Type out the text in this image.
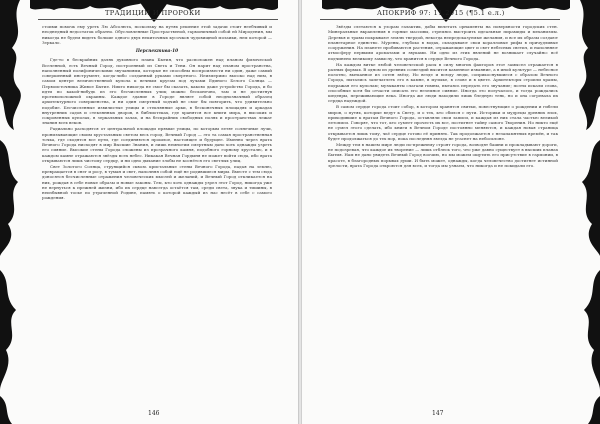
ТРАДИЦИИ И ПРОРОКИ

стоими помочь ему уреть Лю Абсолюта, поскольку на путях решение этой задачи стоит неебчивый и неоднедный недостаток обратно. Обусловленные Простраственой, гармоничный собой ей Миродения, мы никогда не будем видеть больше одного двух некиточных кусочков чудовищной мозаики, нем которой — Зеркало.

Перспектива-10

Где-то в бескрайних далях духовного плана Бытия, что расположен над планом физической Вселенной, есть Вечный Город, построенный из Света и Тени. Он парит над планом пространства, наполненный полифоническими звучаниями, которые не способны воспроизвести ни один, даже самый совершенный инструмент, когда-либо созданный руками смертного. Неизмеримо высоко над ним, в самом центре величественной купола к вечным кругам под лучами Единого Белого Солнца — Первоисточника Живое Бытие. Никто никогда не смог бы сказать, каково даже устройство Города, и бо идти по какой-нибудь из его бесчисленных улиц можно бесконечно, там и не достигнув противоположной окраины. Каждое здание в Городе являет собой неоднозначный образец архитектурного совершенства, и ни один смертный зодчий не смог бы повторить, что удивительно подобие. Бесчисленные извилистые улицы и стеклянные арки, в бесконечных площадях и аркадах внутренних садов и стеклянных дворов, в библиотеках, где хранятся все книги мира, в высоких и сокровенных куполах, в зеркальных залах, и на бескрайних свободных полях и пространствах лежат знания всех веков.

Радиально расходятся от центральной площади прямые улицы, по которым летят солнечные лучи, пронизывающие своим хрустальным светом весь город. Вечный Город — это та самая пространственная точка, где сходятся все пути, где соединяются прошлое, настоящее и будущее. Именно через врата Вечного Города нисходят в мир Высшие Знания, и лишь немногим смертным дано хоть однажды узреть его сияние. Высокие стены Города сложены из прозрачного камня, подобного горному хрусталю, и в каждом камне отражаются звёзды всех небес. Никакая Вечная Гордыня не может войти сюда, ибо врата открываются лишь чистому сердцу, и ни одно дыхание злобы не коснётся его светлых улиц.

Свет Золотого Солнца, струящийся сквозь кристальные стены Вечного Города, падая на землю, превращается в снег и росу, в туман и свет, наполняя собой ещё не родившиеся миры. Вместе с тем сюда доносятся бесчисленные отражения человеческих мыслей и желаний, и Вечный Город откликается на них, рождая в себе новые образы и новые законы. Тем, кто хоть однажды узрел этот Город, никогда уже не вернуться к прежней жизни, ибо их сердце навсегда остаётся там, среди света, звука и тишины, в неизбывной тоске по утраченной Родине, память о которой каждый из нас несёт в себе с самого рождения.

146
АПОКРИФ 97: 11.2015 (¶5.1 е.л.)

Звёзды слетаются к узорам галактик, дабы вплетать орнаменты на поверхности городских стен. Минеральные вкрапления в горные массивы, стремясь выстроить идеальные пирамиды и механизмы. Деревья и травы покрывают землю твердой, некогда непредсказуемые желания, и все их образы создают планетарное единство. Мурены, глубоко в водах, складывают свои коралловые рифы в причудливые сооружения. На планете пробиваются растения, отражающие цвет и свет небесных светил, и наполняют атмосферу первыми ароматами и звуками. Ни одно из этих явлений не возникает случайно: всё подчинено великому замыслу, что хранится в сердце Вечного Города.

На каждом витке любой человеческой расы в силу многих факторов этот замысел отражается в разных формах. В одном из древних созвездий высится каменное изваяние, а в иной культуре — небесное полотно, вытканное из сотен звёзд. Но везде и всюду люди, соприкоснувшиеся с образом Вечного Города, пытались запечатлеть его в камне, в музыке, в слове и в цвете. Архитекторы строили храмы, подражая его куполам; музыканты слагали гимны, пытаясь передать его звучание; поэты искали слова, способные хотя бы отчасти описать его неземное сияние. Иногда это получалось, и тогда рождались шедевры, переживающие века. Иногда же люди находили лишь бледную тень, но и она согревала их сердца надеждой.

В самом сердце города стоит собор, в котором хранятся свитки, повествующие о рождении и гибели миров, о путях, которые ведут к Свету, и о тех, кто сбился с пути. Историки и мудрецы древних эпох, приходившие к вратам Вечного Города, оставляли свои записи, и каждая из них стала частью великой летописи. Говорят, что тот, кто сумеет прочесть их все, постигнет тайну самого Творения. Но никто ещё не сумел этого сделать, ибо книги в Вечном Городе постоянно меняются, и каждая новая страница открывается лишь тому, чьё сердце готово её принять. Так продолжается с незапамятных времён, и так будет продолжаться до тех пор, пока последняя звезда не угаснет на небосклоне.

Между тем в нашем мире люди по-прежнему строят города, возводят башни и прокладывают дороги, не подозревая, что каждое их творение — лишь отблеск того, что уже давно существует в высших планах Бытия. Нам не дано увидеть Вечный Город воочию, но мы можем ощутить его присутствие в гармонии, в красоте, в благородных порывах души. И быть может, однажды, когда человечество достигнет истинной зрелости, врата Города откроются для всех, и тогда мы узнаем, что никогда и не покидали его.

147
